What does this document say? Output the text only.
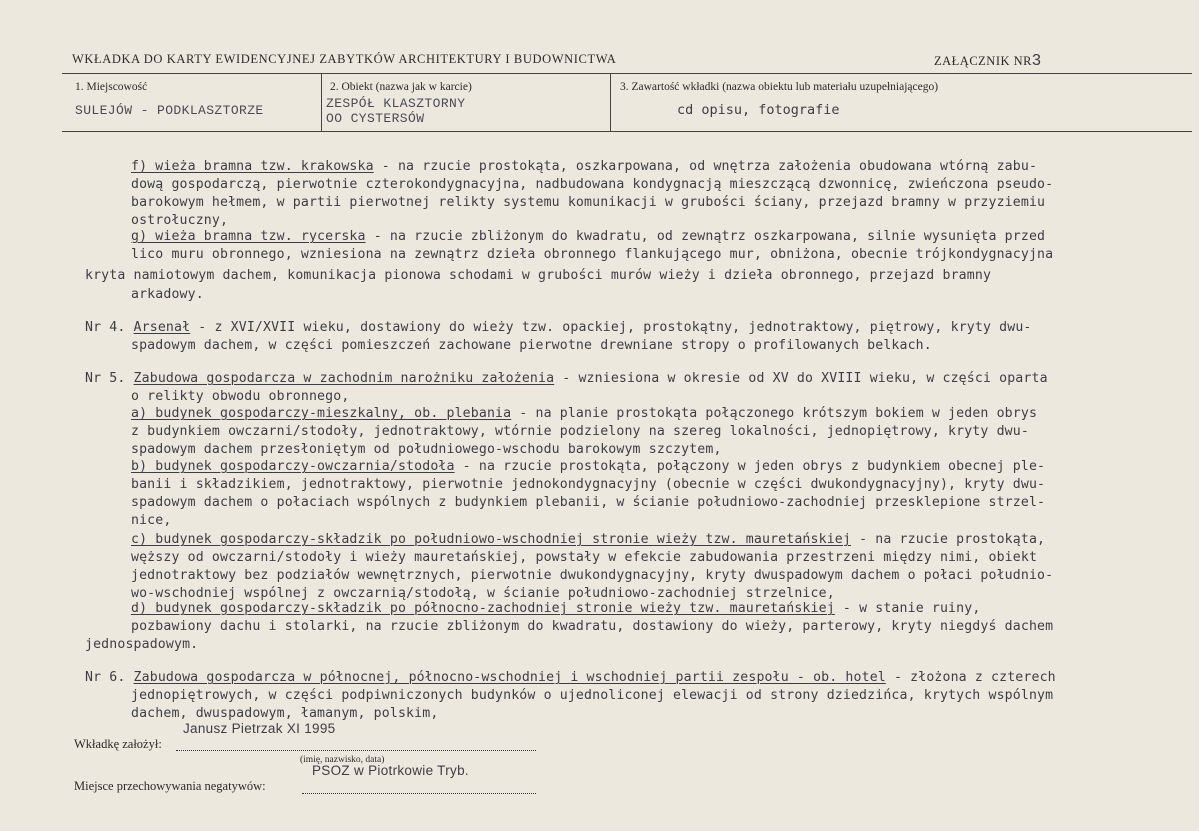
WKŁADKA DO KARTY EWIDENCYJNEJ ZABYTKÓW ARCHITEKTURY I BUDOWNICTWA	ZAŁĄCZNIK NR3
1. Miejscowość
SULEJÓW - PODKLASZTORZE
2. Obiekt (nazwa jak w karcie)
ZESPÓŁ KLASZTORNY
OO CYSTERSÓW
3. Zawartość wkładki (nazwa obiektu lub materiału uzupełniającego)
cd opisu, fotografie
f) wieża bramna tzw. krakowska - na rzucie prostokąta, oszkarpowana, od wnętrza założenia obudowana wtórną zabu-
dową gospodarczą, pierwotnie czterokondygnacyjna, nadbudowana kondygnacją mieszczącą dzwonnicę, zwieńczona pseudo-
barokowym hełmem, w partii pierwotnej relikty systemu komunikacji w grubości ściany, przejazd bramny w przyziemiu
ostrołuczny,
g) wieża bramna tzw. rycerska - na rzucie zbliżonym do kwadratu, od zewnątrz oszkarpowana, silnie wysunięta przed
lico muru obronnego, wzniesiona na zewnątrz dzieła obronnego flankującego mur, obniżona, obecnie trójkondygnacyjna
kryta namiotowym dachem, komunikacja pionowa schodami w grubości murów wieży i dzieła obronnego, przejazd bramny
arkadowy.
Nr 4. Arsenał - z XVI/XVII wieku, dostawiony do wieży tzw. opackiej, prostokątny, jednotraktowy, piętrowy, kryty dwu-
spadowym dachem, w części pomieszczeń zachowane pierwotne drewniane stropy o profilowanych belkach.
Nr 5. Zabudowa gospodarcza w zachodnim narożniku założenia - wzniesiona w okresie od XV do XVIII wieku, w części oparta
o relikty obwodu obronnego,
a) budynek gospodarczy-mieszkalny, ob. plebania - na planie prostokąta połączonego krótszym bokiem w jeden obrys
z budynkiem owczarni/stodoły, jednotraktowy, wtórnie podzielony na szereg lokalności, jednopiętrowy, kryty dwu-
spadowym dachem przesłoniętym od południowego-wschodu barokowym szczytem,
b) budynek gospodarczy-owczarnia/stodoła - na rzucie prostokąta, połączony w jeden obrys z budynkiem obecnej ple-
banii i składzikiem, jednotraktowy, pierwotnie jednokondygnacyjny (obecnie w części dwukondygnacyjny), kryty dwu-
spadowym dachem o połaciach wspólnych z budynkiem plebanii, w ścianie południowo-zachodniej przesklepione strzel-
nice,
c) budynek gospodarczy-składzik po południowo-wschodniej stronie wieży tzw. mauretańskiej - na rzucie prostokąta,
węższy od owczarni/stodoły i wieży mauretańskiej, powstały w efekcie zabudowania przestrzeni między nimi, obiekt
jednotraktowy bez podziałów wewnętrznych, pierwotnie dwukondygnacyjny, kryty dwuspadowym dachem o połaci południo-
wo-wschodniej wspólnej z owczarnią/stodołą, w ścianie południowo-zachodniej strzelnice,
d) budynek gospodarczy-składzik po północno-zachodniej stronie wieży tzw. mauretańskiej - w stanie ruiny,
pozbawiony dachu i stolarki, na rzucie zbliżonym do kwadratu, dostawiony do wieży, parterowy, kryty niegdyś dachem
jednospadowym.
Nr 6. Zabudowa gospodarcza w północnej, północno-wschodniej i wschodniej partii zespołu - ob. hotel - złożona z czterech
jednopiętrowych, w części podpiwniczonych budynków o ujednoliconej elewacji od strony dziedzińca, krytych wspólnym
dachem, dwuspadowym, łamanym, polskim,
Wkładkę założył:
Janusz Pietrzak XI 1995
(imię, nazwisko, data)
Miejsce przechowywania negatywów:
PSOZ w Piotrkowie Tryb.
